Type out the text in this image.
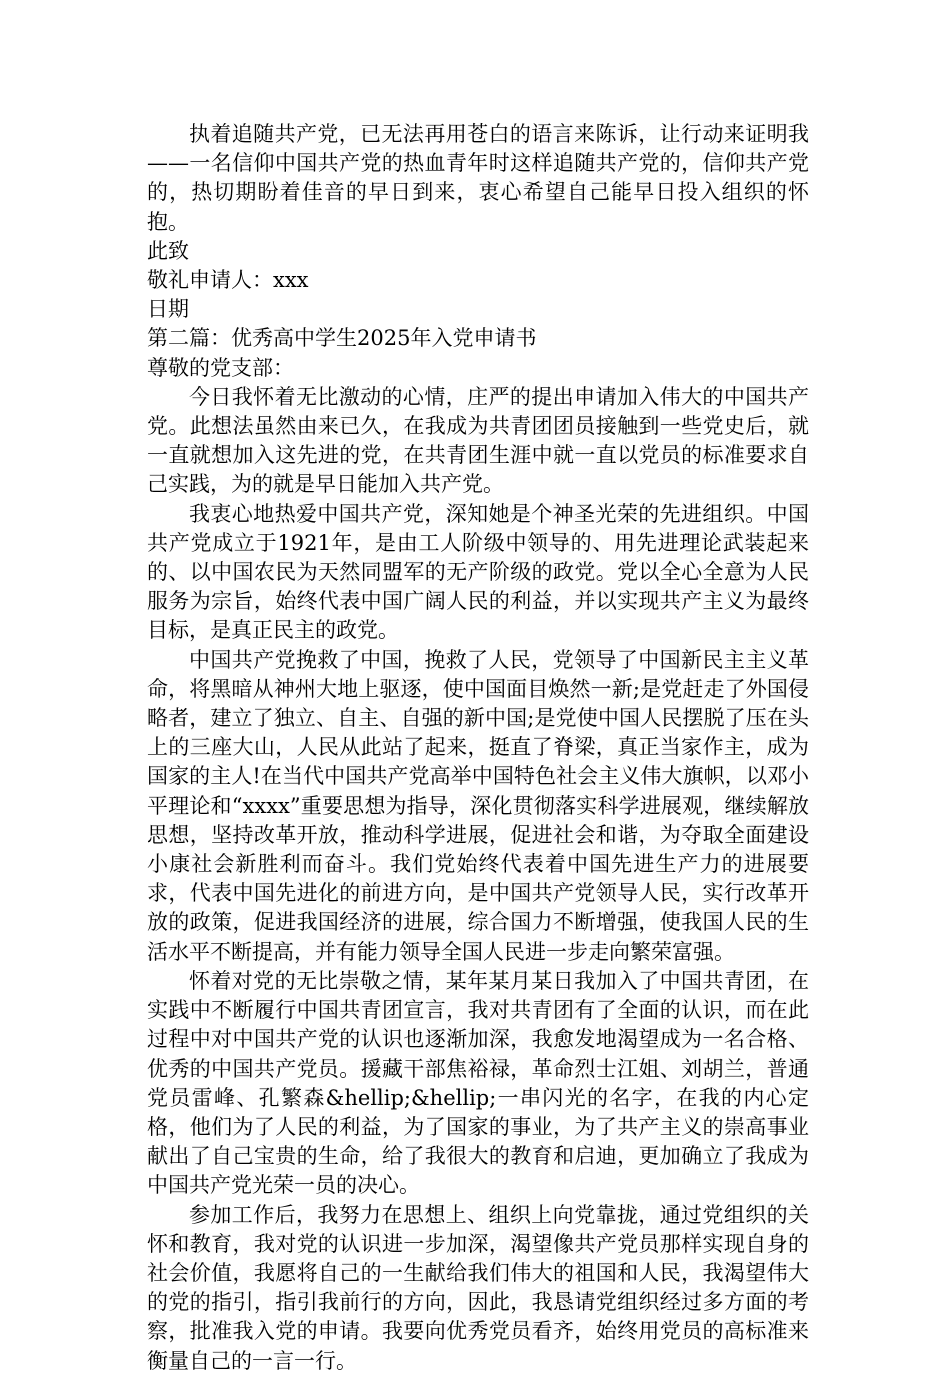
执着追随共产党，已无法再用苍白的语言来陈诉，让行动来证明我——一名信仰中国共产党的热血青年时这样追随共产党的，信仰共产党的，热切期盼着佳音的早日到来，衷心希望自己能早日投入组织的怀抱。

此致

敬礼申请人：xxx

日期

第二篇：优秀高中学生2025年入党申请书

尊敬的党支部：

今日我怀着无比激动的心情，庄严的提出申请加入伟大的中国共产党。此想法虽然由来已久，在我成为共青团团员接触到一些党史后，就一直就想加入这先进的党，在共青团生涯中就一直以党员的标准要求自己实践，为的就是早日能加入共产党。

我衷心地热爱中国共产党，深知她是个神圣光荣的先进组织。中国共产党成立于1921年，是由工人阶级中领导的、用先进理论武装起来的、以中国农民为天然同盟军的无产阶级的政党。党以全心全意为人民服务为宗旨，始终代表中国广阔人民的利益，并以实现共产主义为最终目标，是真正民主的政党。

中国共产党挽救了中国，挽救了人民，党领导了中国新民主主义革命，将黑暗从神州大地上驱逐，使中国面目焕然一新;是党赶走了外国侵略者，建立了独立、自主、自强的新中国;是党使中国人民摆脱了压在头上的三座大山，人民从此站了起来，挺直了脊梁，真正当家作主，成为国家的主人!在当代中国共产党高举中国特色社会主义伟大旗帜，以邓小平理论和“xxxx”重要思想为指导，深化贯彻落实科学进展观，继续解放思想，坚持改革开放，推动科学进展，促进社会和谐，为夺取全面建设小康社会新胜利而奋斗。我们党始终代表着中国先进生产力的进展要求，代表中国先进化的前进方向，是中国共产党领导人民，实行改革开放的政策，促进我国经济的进展，综合国力不断增强，使我国人民的生活水平不断提高，并有能力领导全国人民进一步走向繁荣富强。

怀着对党的无比崇敬之情，某年某月某日我加入了中国共青团，在实践中不断履行中国共青团宣言，我对共青团有了全面的认识，而在此过程中对中国共产党的认识也逐渐加深，我愈发地渴望成为一名合格、优秀的中国共产党员。援藏干部焦裕禄，革命烈士江姐、刘胡兰，普通党员雷峰、孔繁森&hellip;&hellip;一串闪光的名字，在我的内心定格，他们为了人民的利益，为了国家的事业，为了共产主义的崇高事业献出了自己宝贵的生命，给了我很大的教育和启迪，更加确立了我成为中国共产党光荣一员的决心。

参加工作后，我努力在思想上、组织上向党靠拢，通过党组织的关怀和教育，我对党的认识进一步加深，渴望像共产党员那样实现自身的社会价值，我愿将自己的一生献给我们伟大的祖国和人民，我渴望伟大的党的指引，指引我前行的方向，因此，我恳请党组织经过多方面的考察，批准我入党的申请。我要向优秀党员看齐，始终用党员的高标准来衡量自己的一言一行。
